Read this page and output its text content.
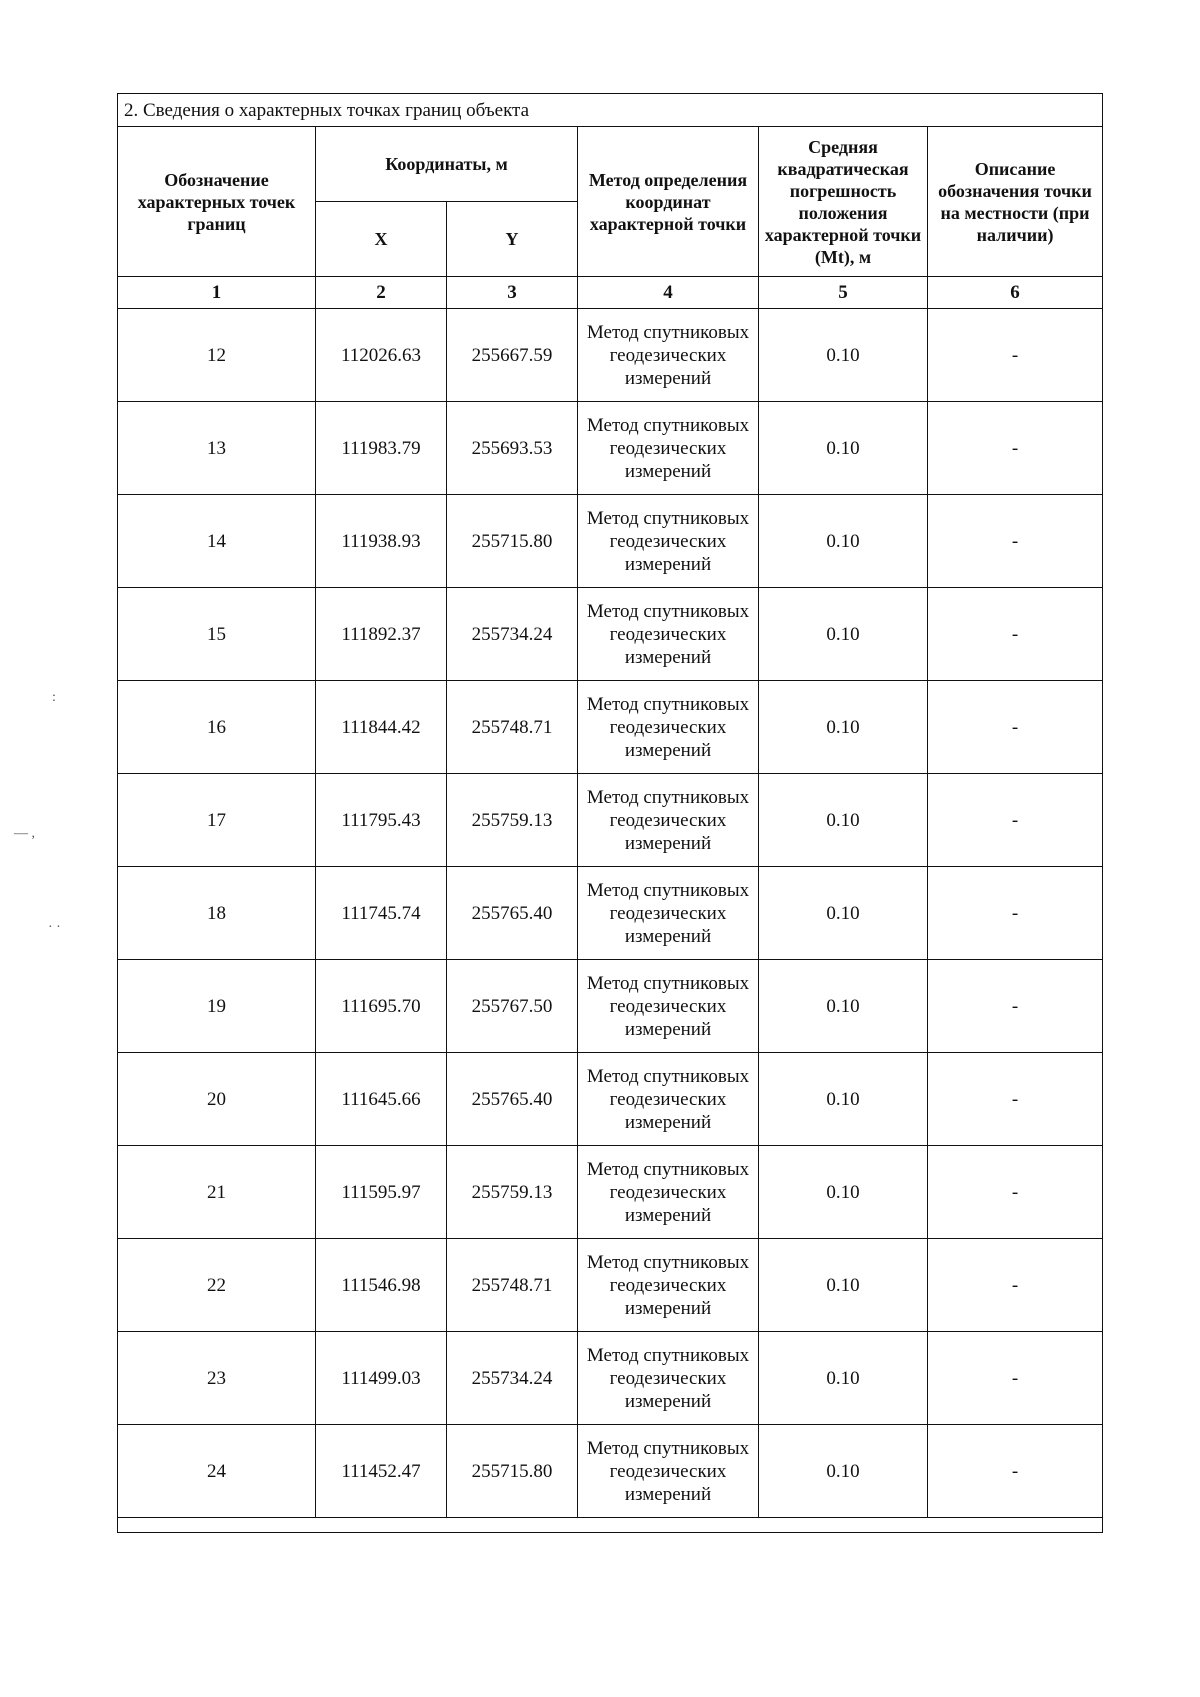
2. Сведения о характерных точках границ объекта					
Обозначение характерных точек границ	Координаты, м		Метод определения координат характерной точки	Средняя квадратическая погрешность положения характерной точки (Mt), м	Описание обозначения точки на местности (при наличии)
	X	Y			
1	2	3	4	5	6
12	112026.63	255667.59	Метод спутниковых геодезических измерений	0.10	-
13	111983.79	255693.53	Метод спутниковых геодезических измерений	0.10	-
14	111938.93	255715.80	Метод спутниковых геодезических измерений	0.10	-
15	111892.37	255734.24	Метод спутниковых геодезических измерений	0.10	-
16	111844.42	255748.71	Метод спутниковых геодезических измерений	0.10	-
17	111795.43	255759.13	Метод спутниковых геодезических измерений	0.10	-
18	111745.74	255765.40	Метод спутниковых геодезических измерений	0.10	-
19	111695.70	255767.50	Метод спутниковых геодезических измерений	0.10	-
20	111645.66	255765.40	Метод спутниковых геодезических измерений	0.10	-
21	111595.97	255759.13	Метод спутниковых геодезических измерений	0.10	-
22	111546.98	255748.71	Метод спутниковых геодезических измерений	0.10	-
23	111499.03	255734.24	Метод спутниковых геодезических измерений	0.10	-
24	111452.47	255715.80	Метод спутниковых геодезических измерений	0.10	-

:
— ,
· ·
